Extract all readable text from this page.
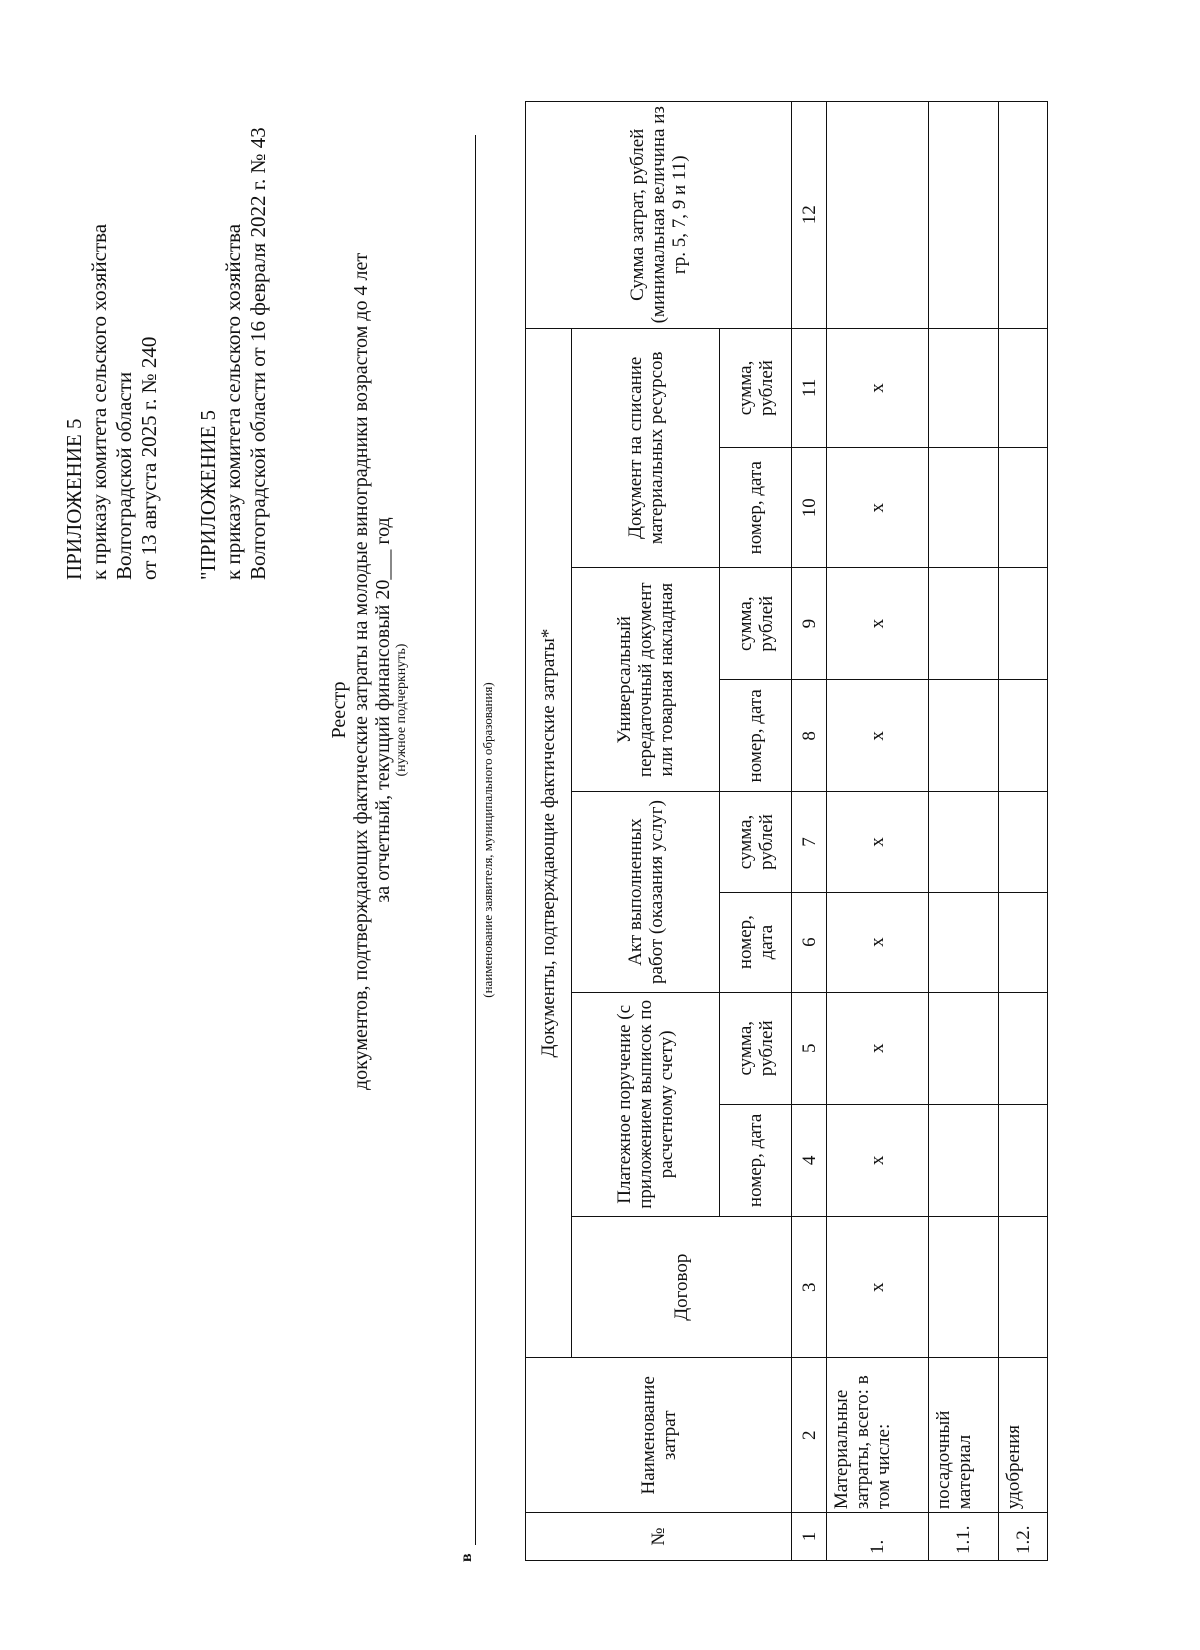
ПРИЛОЖЕНИЕ 5 к приказу комитета сельского хозяйства Волгоградской области от 13 августа 2025 г. № 240 "ПРИЛОЖЕНИЕ 5 к приказу комитета сельского хозяйства Волгоградской области от 16 февраля 2022 г. № 43
Реестр документов, подтверждающих фактические затраты на молодые виноградники возрастом до 4 лет за отчетный, текущий финансовый 20___ год (нужное подчеркнуть)
в
(наименование заявителя, муниципального образования)
№	Наименование затрат	Документы, подтверждающие фактические затраты*									Суммa затрат, рублей (минимальная величина из гр. 5, 7, 9 и 11)
		Договор	Платежное поручение (с приложением выписок по расчетному счету)		Акт выполненных работ (оказания услуг)		Универсальный передаточный документ или товарная накладная		Документ на списание материальных ресурсов		
			номер, дата	сумма, рублей	номер, дата	сумма, рублей	номер, дата	сумма, рублей	номер, дата	сумма, рублей	
1	2	3	4	5	6	7	8	9	10	11	12
1.	Материальные затраты, всего: в том числе:	x	x	x	x	x	x	x	x	x	
1.1.	посадочный материал										
1.2.	удобрения										
